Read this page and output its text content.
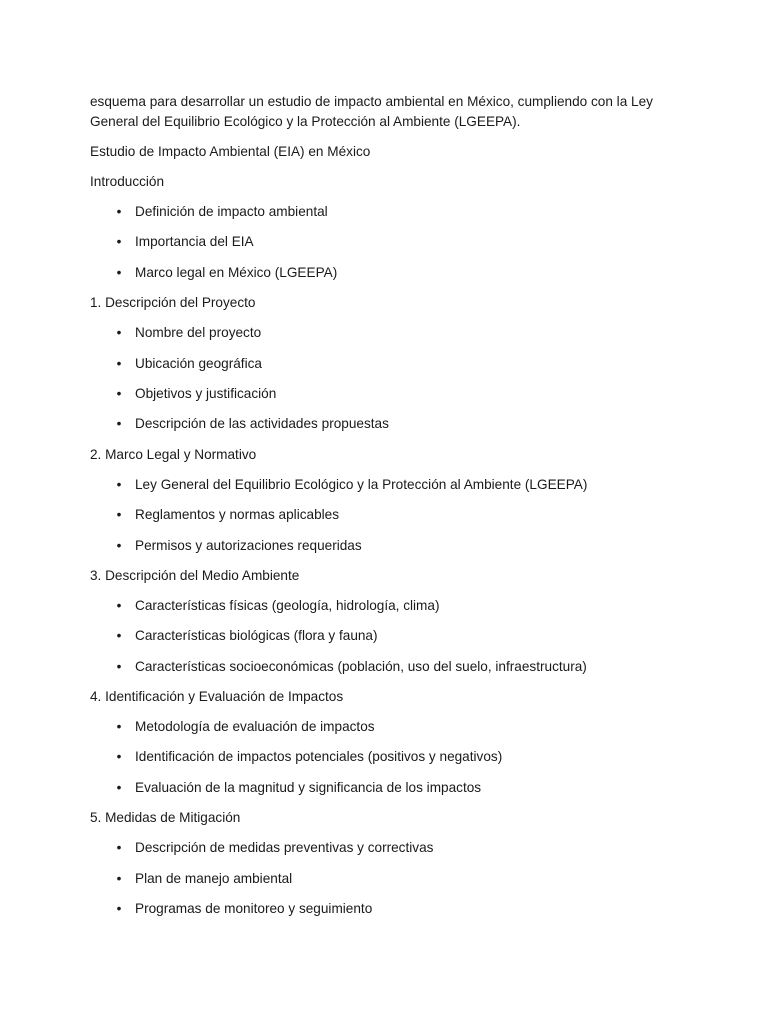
esquema para desarrollar un estudio de impacto ambiental en México, cumpliendo con la Ley General del Equilibrio Ecológico y la Protección al Ambiente (LGEEPA).

Estudio de Impacto Ambiental (EIA) en México

Introducción

• Definición de impacto ambiental
• Importancia del EIA
• Marco legal en México (LGEEPA)

1. Descripción del Proyecto

• Nombre del proyecto
• Ubicación geográfica
• Objetivos y justificación
• Descripción de las actividades propuestas

2. Marco Legal y Normativo

• Ley General del Equilibrio Ecológico y la Protección al Ambiente (LGEEPA)
• Reglamentos y normas aplicables
• Permisos y autorizaciones requeridas

3. Descripción del Medio Ambiente

• Características físicas (geología, hidrología, clima)
• Características biológicas (flora y fauna)
• Características socioeconómicas (población, uso del suelo, infraestructura)

4. Identificación y Evaluación de Impactos

• Metodología de evaluación de impactos
• Identificación de impactos potenciales (positivos y negativos)
• Evaluación de la magnitud y significancia de los impactos

5. Medidas de Mitigación

• Descripción de medidas preventivas y correctivas
• Plan de manejo ambiental
• Programas de monitoreo y seguimiento
